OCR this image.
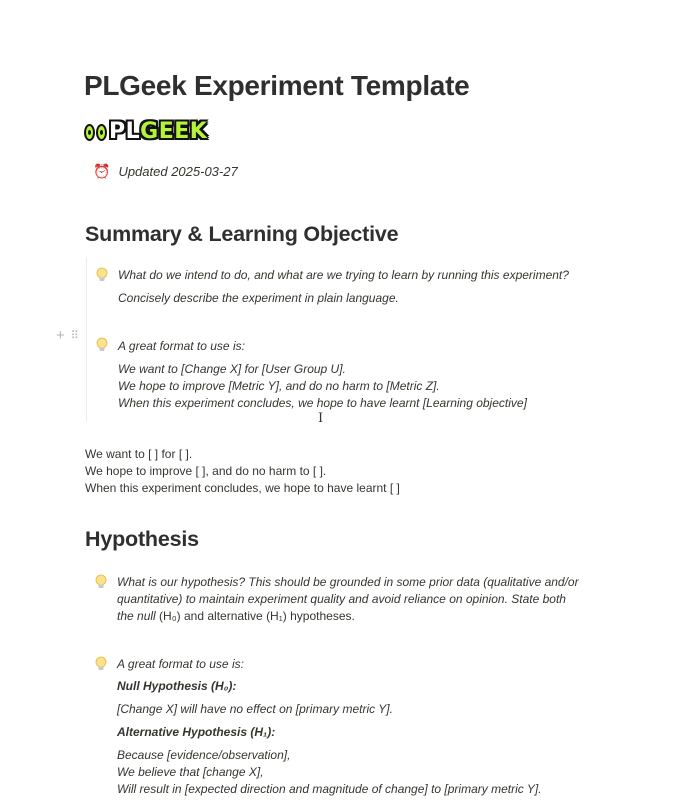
PLGeek Experiment Template
PLGEEK
⏰ Updated 2025-03-27
Summary & Learning Objective
What do we intend to do, and what are we trying to learn by running this experiment?
Concisely describe the experiment in plain language.
A great format to use is:
We want to [Change X] for [User Group U].
We hope to improve [Metric Y], and do no harm to [Metric Z].
When this experiment concludes, we hope to have learnt [Learning objective]
+ ⠿
I
We want to [ ] for [ ].
We hope to improve [ ], and do no harm to [ ].
When this experiment concludes, we hope to have learnt [ ]
Hypothesis
What is our hypothesis? This should be grounded in some prior data (qualitative and/or
quantitative) to maintain experiment quality and avoid reliance on opinion. State both
the null (H₀) and alternative (H₁) hypotheses.
A great format to use is:
Null Hypothesis (H₀):
[Change X] will have no effect on [primary metric Y].
Alternative Hypothesis (H₁):
Because [evidence/observation],
We believe that [change X],
Will result in [expected direction and magnitude of change] to [primary metric Y].
